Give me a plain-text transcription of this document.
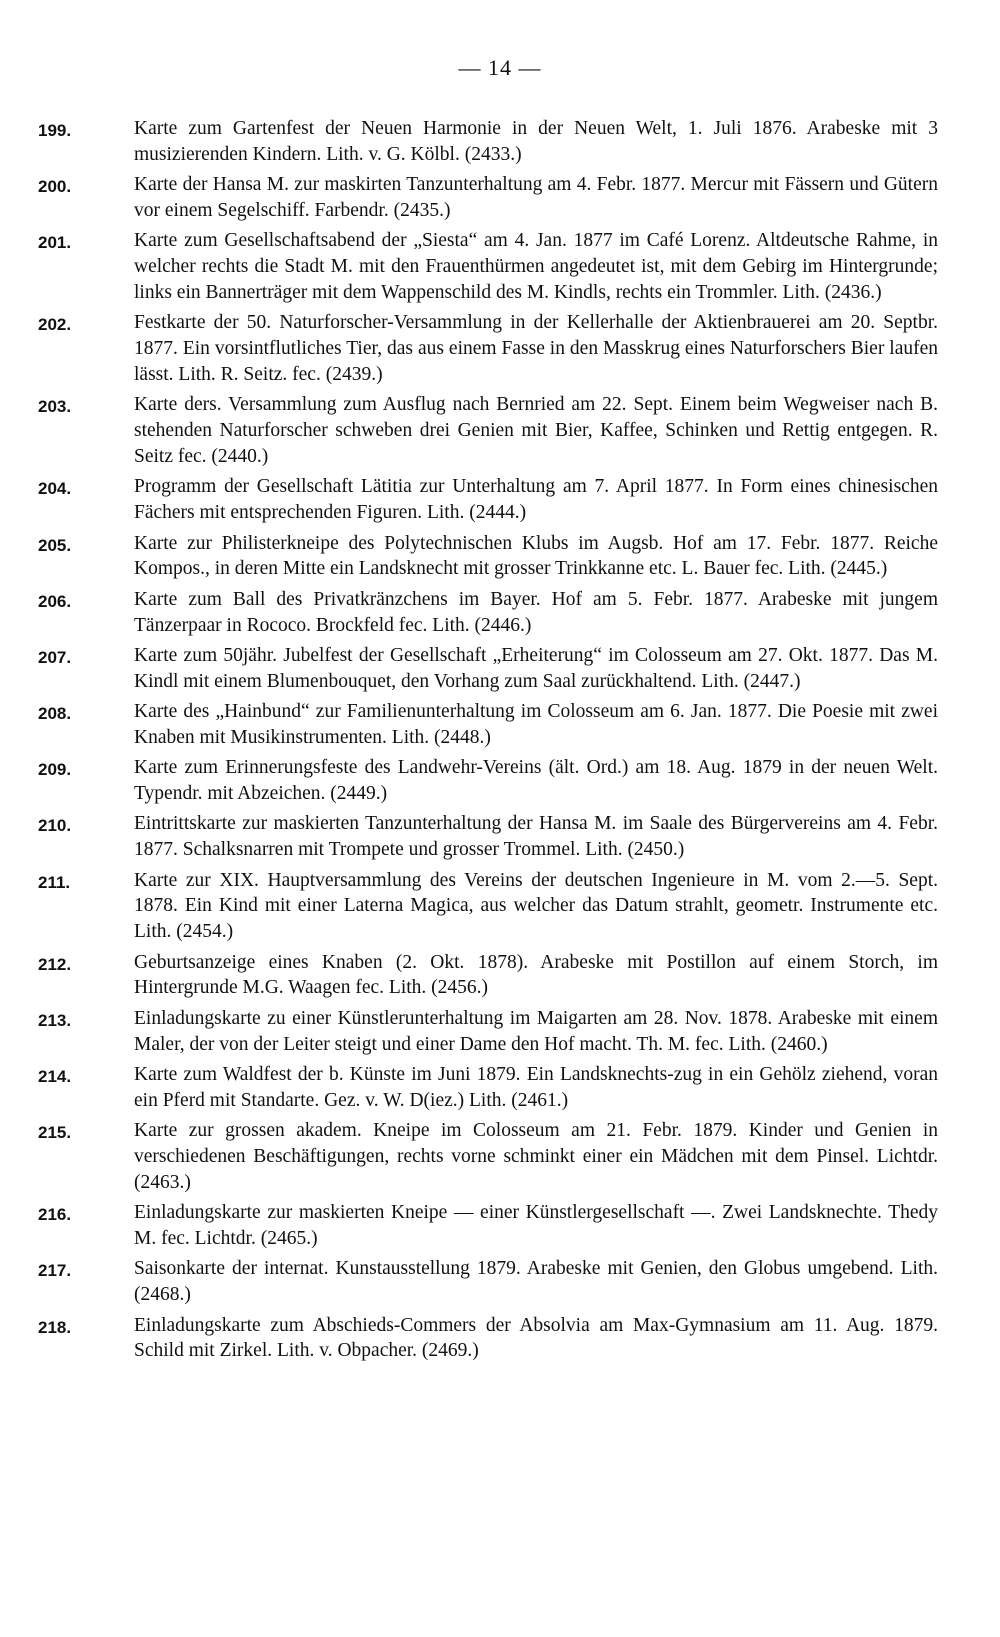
— 14 —
199.	Karte zum Gartenfest der Neuen Harmonie in der Neuen Welt, 1. Juli 1876. Arabeske mit 3 musizierenden Kindern. Lith. v. G. Kölbl. (2433.)
200.	Karte der Hansa M. zur maskirten Tanzunterhaltung am 4. Febr. 1877. Mercur mit Fässern und Gütern vor einem Segelschiff. Farbendr. (2435.)
201.	Karte zum Gesellschaftsabend der „Siesta“ am 4. Jan. 1877 im Café Lorenz. Altdeutsche Rahme, in welcher rechts die Stadt M. mit den Frauenthürmen angedeutet ist, mit dem Gebirg im Hintergrunde; links ein Bannerträger mit dem Wappenschild des M. Kindls, rechts ein Trommler. Lith. (2436.)
202.	Festkarte der 50. Naturforscher-Versammlung in der Kellerhalle der Aktienbrauerei am 20. Septbr. 1877. Ein vorsintflutliches Tier, das aus einem Fasse in den Masskrug eines Naturforschers Bier laufen lässt. Lith. R. Seitz. fec. (2439.)
203.	Karte ders. Versammlung zum Ausflug nach Bernried am 22. Sept. Einem beim Wegweiser nach B. stehenden Naturforscher schweben drei Genien mit Bier, Kaffee, Schinken und Rettig entgegen. R. Seitz fec. (2440.)
204.	Programm der Gesellschaft Lätitia zur Unterhaltung am 7. April 1877. In Form eines chinesischen Fächers mit entsprechenden Figuren. Lith. (2444.)
205.	Karte zur Philisterkneipe des Polytechnischen Klubs im Augsb. Hof am 17. Febr. 1877. Reiche Kompos., in deren Mitte ein Landsknecht mit grosser Trinkkanne etc. L. Bauer fec. Lith. (2445.)
206.	Karte zum Ball des Privatkränzchens im Bayer. Hof am 5. Febr. 1877. Arabeske mit jungem Tänzerpaar in Rococo. Brockfeld fec. Lith. (2446.)
207.	Karte zum 50jähr. Jubelfest der Gesellschaft „Erheiterung“ im Colosseum am 27. Okt. 1877. Das M. Kindl mit einem Blumenbouquet, den Vorhang zum Saal zurückhaltend. Lith. (2447.)
208.	Karte des „Hainbund“ zur Familienunterhaltung im Colosseum am 6. Jan. 1877. Die Poesie mit zwei Knaben mit Musikinstrumenten. Lith. (2448.)
209.	Karte zum Erinnerungsfeste des Landwehr-Vereins (ält. Ord.) am 18. Aug. 1879 in der neuen Welt. Typendr. mit Abzeichen. (2449.)
210.	Eintrittskarte zur maskierten Tanzunterhaltung der Hansa M. im Saale des Bürgervereins am 4. Febr. 1877. Schalksnarren mit Trompete und grosser Trommel. Lith. (2450.)
211.	Karte zur XIX. Hauptversammlung des Vereins der deutschen Ingenieure in M. vom 2.—5. Sept. 1878. Ein Kind mit einer Laterna Magica, aus welcher das Datum strahlt, geometr. Instrumente etc. Lith. (2454.)
212.	Geburtsanzeige eines Knaben (2. Okt. 1878). Arabeske mit Postillon auf einem Storch, im Hintergrunde M.G. Waagen fec. Lith. (2456.)
213.	Einladungskarte zu einer Künstlerunterhaltung im Maigarten am 28. Nov. 1878. Arabeske mit einem Maler, der von der Leiter steigt und einer Dame den Hof macht. Th. M. fec. Lith. (2460.)
214.	Karte zum Waldfest der b. Künste im Juni 1879. Ein Landsknechts-zug in ein Gehölz ziehend, voran ein Pferd mit Standarte. Gez. v. W. D(iez.) Lith. (2461.)
215.	Karte zur grossen akadem. Kneipe im Colosseum am 21. Febr. 1879. Kinder und Genien in verschiedenen Beschäftigungen, rechts vorne schminkt einer ein Mädchen mit dem Pinsel. Lichtdr. (2463.)
216.	Einladungskarte zur maskierten Kneipe — einer Künstlergesellschaft —. Zwei Landsknechte. Thedy M. fec. Lichtdr. (2465.)
217.	Saisonkarte der internat. Kunstausstellung 1879. Arabeske mit Genien, den Globus umgebend. Lith. (2468.)
218.	Einladungskarte zum Abschieds-Commers der Absolvia am Max-Gymnasium am 11. Aug. 1879. Schild mit Zirkel. Lith. v. Obpacher. (2469.)
